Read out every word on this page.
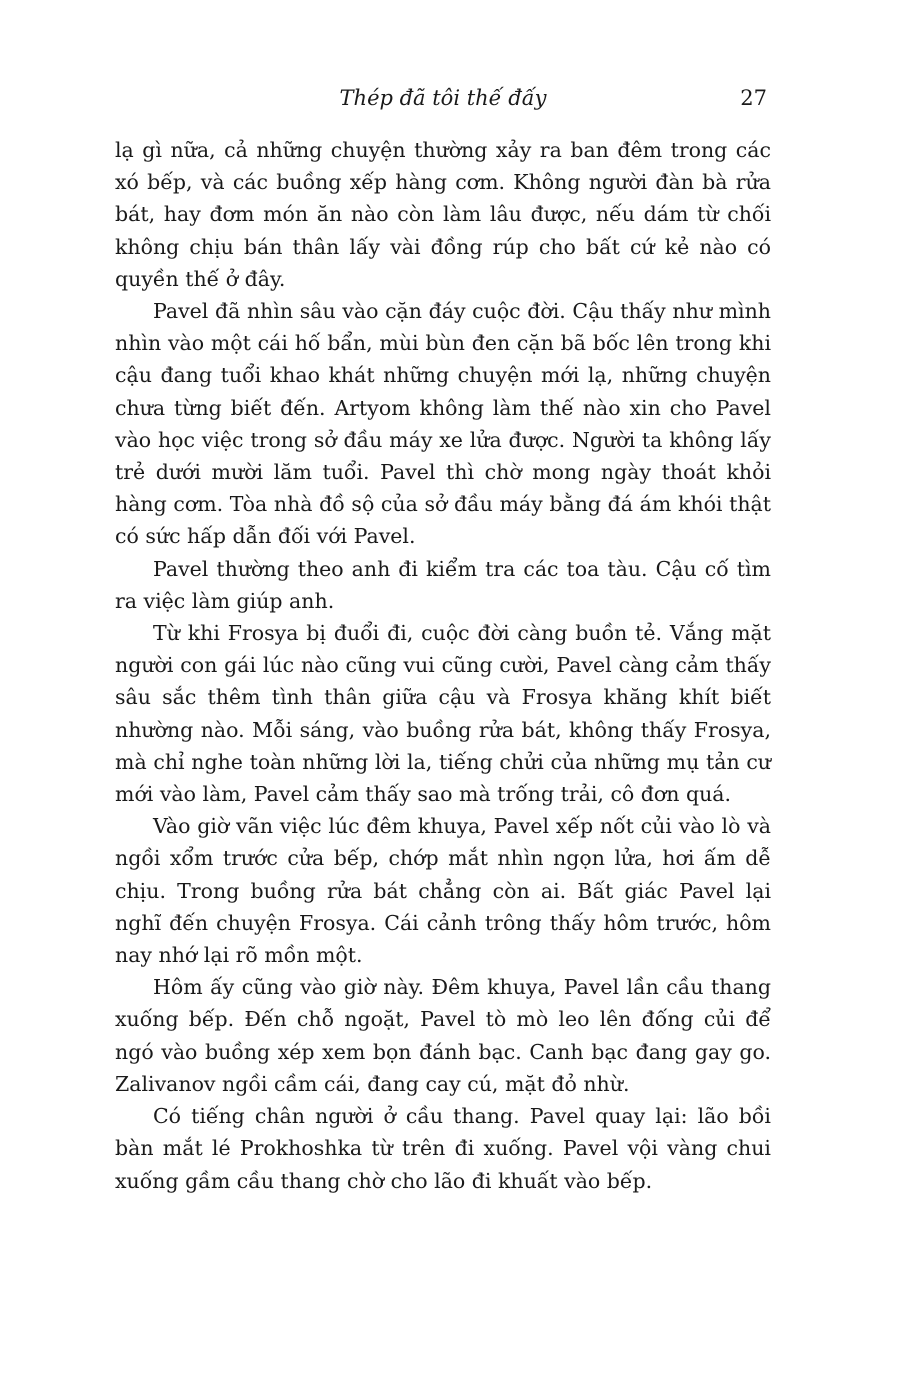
Thép đã tôi thế đấy	27

lạ gì nữa, cả những chuyện thường xảy ra ban đêm trong các xó bếp, và các buồng xếp hàng cơm. Không người đàn bà rửa bát, hay đơm món ăn nào còn làm lâu được, nếu dám từ chối không chịu bán thân lấy vài đồng rúp cho bất cứ kẻ nào có quyền thế ở đây.

Pavel đã nhìn sâu vào cặn đáy cuộc đời. Cậu thấy như mình nhìn vào một cái hố bẩn, mùi bùn đen cặn bã bốc lên trong khi cậu đang tuổi khao khát những chuyện mới lạ, những chuyện chưa từng biết đến. Artyom không làm thế nào xin cho Pavel vào học việc trong sở đầu máy xe lửa được. Người ta không lấy trẻ dưới mười lăm tuổi. Pavel thì chờ mong ngày thoát khỏi hàng cơm. Tòa nhà đồ sộ của sở đầu máy bằng đá ám khói thật có sức hấp dẫn đối với Pavel.

Pavel thường theo anh đi kiểm tra các toa tàu. Cậu cố tìm ra việc làm giúp anh.

Từ khi Frosya bị đuổi đi, cuộc đời càng buồn tẻ. Vắng mặt người con gái lúc nào cũng vui cũng cười, Pavel càng cảm thấy sâu sắc thêm tình thân giữa cậu và Frosya khăng khít biết nhường nào. Mỗi sáng, vào buồng rửa bát, không thấy Frosya, mà chỉ nghe toàn những lời la, tiếng chửi của những mụ tản cư mới vào làm, Pavel cảm thấy sao mà trống trải, cô đơn quá.

Vào giờ vãn việc lúc đêm khuya, Pavel xếp nốt củi vào lò và ngồi xổm trước cửa bếp, chớp mắt nhìn ngọn lửa, hơi ấm dễ chịu. Trong buồng rửa bát chẳng còn ai. Bất giác Pavel lại nghĩ đến chuyện Frosya. Cái cảnh trông thấy hôm trước, hôm nay nhớ lại rõ mồn một.

Hôm ấy cũng vào giờ này. Đêm khuya, Pavel lần cầu thang xuống bếp. Đến chỗ ngoặt, Pavel tò mò leo lên đống củi để ngó vào buồng xép xem bọn đánh bạc. Canh bạc đang gay go. Zalivanov ngồi cầm cái, đang cay cú, mặt đỏ nhừ.

Có tiếng chân người ở cầu thang. Pavel quay lại: lão bồi bàn mắt lé Prokhoshka từ trên đi xuống. Pavel vội vàng chui xuống gầm cầu thang chờ cho lão đi khuất vào bếp.
